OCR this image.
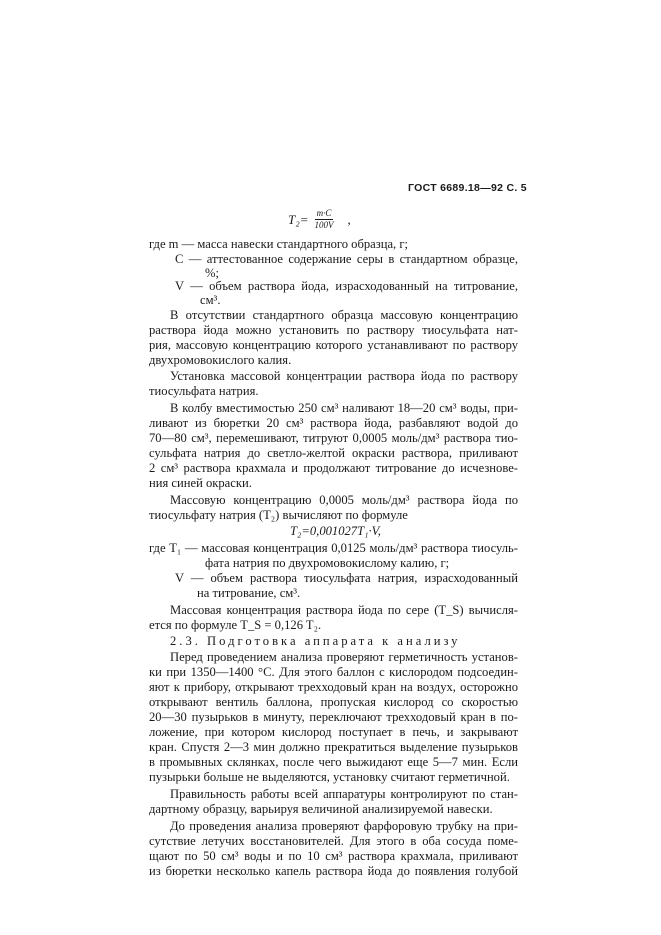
ГОСТ 6689.18—92 С. 5
$T_2= \frac{m\cdot C}{100V}$ ,
где m — масса навески стандартного образца, г;
C — аттестованное содержание серы в стандартном образце,
%;
V — объем раствора йода, израсходованный на титрование,
см³.
В отсутствии стандартного образца массовую концентрацию
раствора йода можно установить по раствору тиосульфата нат-
рия, массовую концентрацию которого устанавливают по раствору
двухромовокислого калия.
Установка массовой концентрации раствора йода по раствору
тиосульфата натрия.
В колбу вместимостью 250 см³ наливают 18—20 см³ воды, при-
ливают из бюретки 20 см³ раствора йода, разбавляют водой до
70—80 см³, перемешивают, титруют 0,0005 моль/дм³ раствора тио-
сульфата натрия до светло-желтой окраски раствора, приливают
2 см³ раствора крахмала и продолжают титрование до исчезнове-
ния синей окраски.
Массовую концентрацию 0,0005 моль/дм³ раствора йода по
тиосульфату натрия (T₂) вычисляют по формуле
T₂=0,001027T₁·V,
где T₁ — массовая концентрация 0,0125 моль/дм³ раствора тиосуль-
фата натрия по двухромовокислому калию, г;
V — объем раствора тиосульфата натрия, израсходованный
на титрование, см³.
Массовая концентрация раствора йода по сере (T_S) вычисля-
ется по формуле T_S = 0,126 T₂.
2.3. Подготовка аппарата к анализу
Перед проведением анализа проверяют герметичность установ-
ки при 1350—1400 °С. Для этого баллон с кислородом подсоедин-
яют к прибору, открывают трехходовый кран на воздух, осторожно
открывают вентиль баллона, пропуская кислород со скоростью
20—30 пузырьков в минуту, переключают трехходовый кран в по-
ложение, при котором кислород поступает в печь, и закрывают
кран. Спустя 2—3 мин должно прекратиться выделение пузырьков
в промывных склянках, после чего выжидают еще 5—7 мин. Если
пузырьки больше не выделяются, установку считают герметичной.
Правильность работы всей аппаратуры контролируют по стан-
дартному образцу, варьируя величиной анализируемой навески.
До проведения анализа проверяют фарфоровую трубку на при-
сутствие летучих восстановителей. Для этого в оба сосуда поме-
щают по 50 см³ воды и по 10 см³ раствора крахмала, приливают
из бюретки несколько капель раствора йода до появления голубой
